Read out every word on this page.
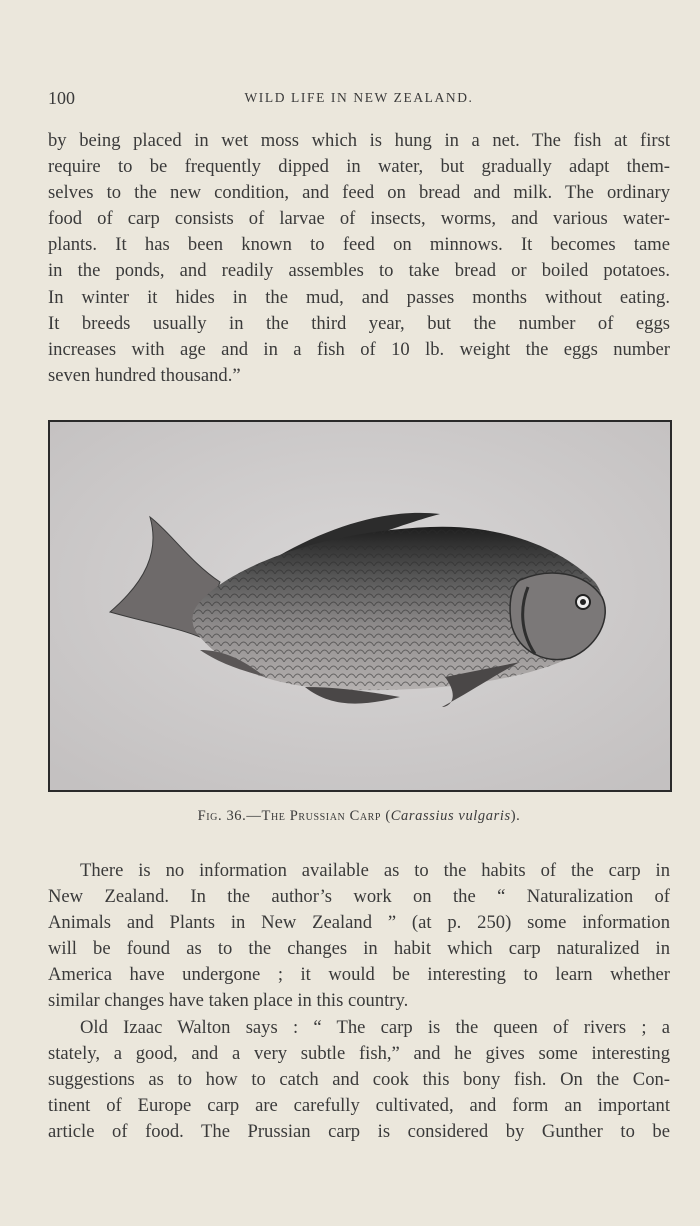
100	WILD LIFE IN NEW ZEALAND.
by being placed in wet moss which is hung in a net. The fish at first
require to be frequently dipped in water, but gradually adapt them-
selves to the new condition, and feed on bread and milk. The ordinary
food of carp consists of larvae of insects, worms, and various water-
plants. It has been known to feed on minnows. It becomes tame
in the ponds, and readily assembles to take bread or boiled potatoes.
In winter it hides in the mud, and passes months without eating.
It breeds usually in the third year, but the number of eggs
increases with age and in a fish of 10 lb. weight the eggs number
seven hundred thousand.”
Fig. 36.—The Prussian Carp (Carassius vulgaris).
There is no information available as to the habits of the carp in
New Zealand. In the author’s work on the “ Naturalization of
Animals and Plants in New Zealand ” (at p. 250) some information
will be found as to the changes in habit which carp naturalized in
America have undergone ; it would be interesting to learn whether
similar changes have taken place in this country.
Old Izaac Walton says : “ The carp is the queen of rivers ; a
stately, a good, and a very subtle fish,” and he gives some interesting
suggestions as to how to catch and cook this bony fish. On the Con-
tinent of Europe carp are carefully cultivated, and form an important
article of food. The Prussian carp is considered by Gunther to be
